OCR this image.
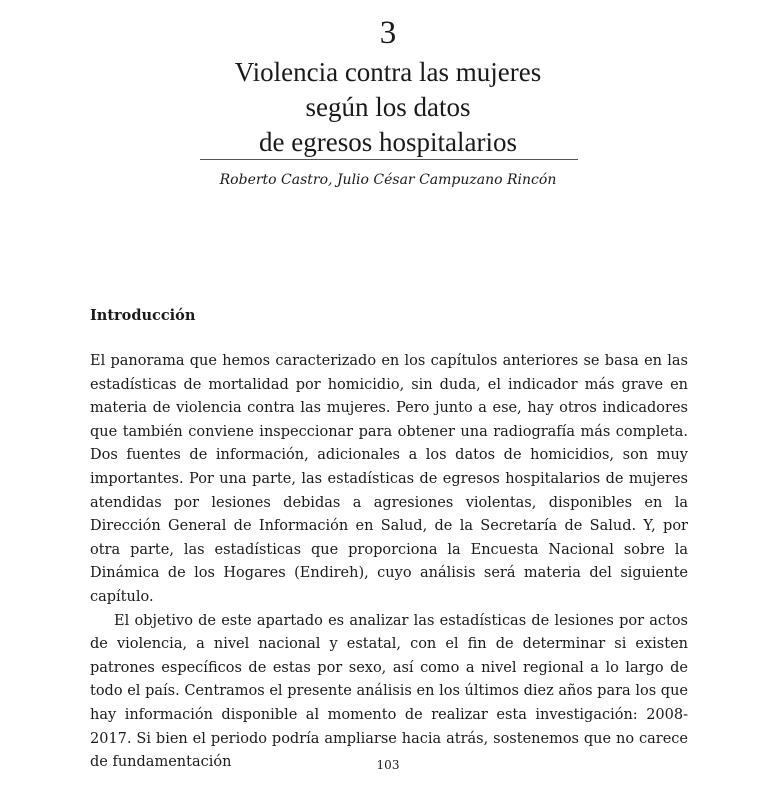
3
Violencia contra las mujeres
según los datos
de egresos hospitalarios
Roberto Castro, Julio César Campuzano Rincón
Introducción

El panorama que hemos caracterizado en los capítulos anteriores se basa en las estadísticas de mortalidad por homicidio, sin duda, el indicador más grave en materia de violencia contra las mujeres. Pero junto a ese, hay otros indicadores que también conviene inspeccionar para obtener una radiografía más completa. Dos fuentes de información, adicionales a los datos de homicidios, son muy importantes. Por una parte, las estadísticas de egresos hospitalarios de mujeres atendidas por lesiones debidas a agresiones violentas, disponibles en la Dirección General de Información en Salud, de la Secretaría de Salud. Y, por otra parte, las estadísticas que proporciona la Encuesta Nacional sobre la Dinámica de los Hogares (Endireh), cuyo análisis será materia del siguiente capítulo.

El objetivo de este apartado es analizar las estadísticas de lesiones por actos de violencia, a nivel nacional y estatal, con el fin de determinar si existen patrones específicos de estas por sexo, así como a nivel regional a lo largo de todo el país. Centramos el presente análisis en los últimos diez años para los que hay información disponible al momento de realizar esta investigación: 2008-2017. Si bien el periodo podría ampliarse hacia atrás, sostenemos que no carece de fundamentación	103
